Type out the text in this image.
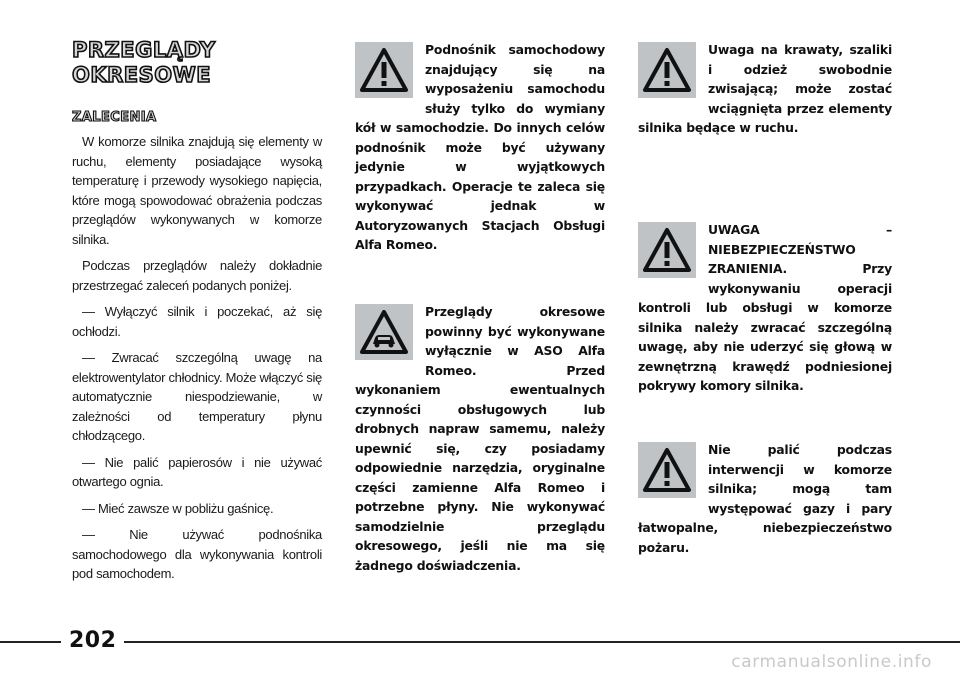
PRZEGLĄDY OKRESOWE
ZALECENIA

W komorze silnika znajdują się elementy w ruchu, elementy posiadające wysoką temperaturę i przewody wysokiego napięcia, które mogą spowodować obrażenia podczas przeglądów wykonywanych w komorze silnika.

Podczas przeglądów należy dokładnie przestrzegać zaleceń podanych poniżej.

— Wyłączyć silnik i poczekać, aż się ochłodzi.

— Zwracać szczególną uwagę na elektrowentylator chłodnicy. Może włączyć się automatycznie niespodziewanie, w zależności od temperatury płynu chłodzącego.

— Nie palić papierosów i nie używać otwartego ognia.

— Mieć zawsze w pobliżu gaśnicę.

— Nie używać podnośnika samochodowego dla wykonywania kontroli pod samochodem.

Podnośnik samochodowy znajdujący się na wyposażeniu samochodu służy tylko do wymiany kół w samochodzie. Do innych celów podnośnik może być używany jedynie w wyjątkowych przypadkach. Operacje te zaleca się wykonywać jednak w Autoryzowanych Stacjach Obsługi Alfa Romeo.
Przeglądy okresowe powinny być wykonywane wyłącznie w ASO Alfa Romeo. Przed wykonaniem ewentualnych czynności obsługowych lub drobnych napraw samemu, należy upewnić się, czy posiadamy odpowiednie narzędzia, oryginalne części zamienne Alfa Romeo i potrzebne płyny. Nie wykonywać samodzielnie przeglądu okresowego, jeśli nie ma się żadnego doświadczenia.
Uwaga na krawaty, szaliki i odzież swobodnie zwisającą; może zostać wciągnięta przez elementy silnika będące w ruchu.
UWAGA – NIEBEZPIECZEŃSTWO ZRANIENIA.	Przy wykonywaniu operacji kontroli lub obsługi w komorze silnika należy zwracać szczególną uwagę, aby nie uderzyć się głową w zewnętrzną krawędź podniesionej pokrywy komory silnika.
Nie palić podczas interwencji w komorze silnika; mogą tam występować gazy i pary łatwopalne, niebezpieczeństwo pożaru.
202
carmanualsonline.info
